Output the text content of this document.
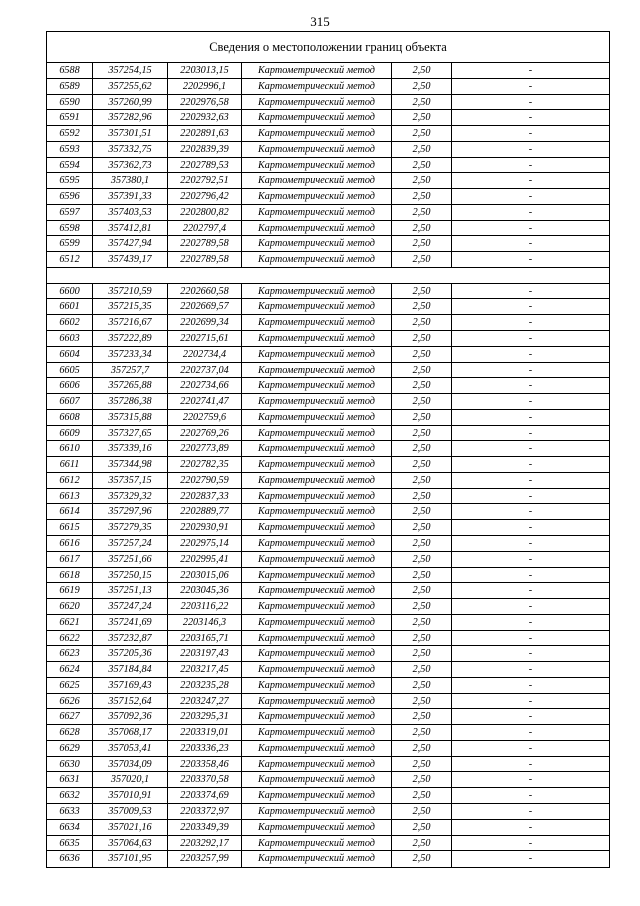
315
Сведения о местоположении границ объекта
6588	357254,15	2203013,15	Картометрический метод	2,50	-
6589	357255,62	2202996,1	Картометрический метод	2,50	-
6590	357260,99	2202976,58	Картометрический метод	2,50	-
6591	357282,96	2202932,63	Картометрический метод	2,50	-
6592	357301,51	2202891,63	Картометрический метод	2,50	-
6593	357332,75	2202839,39	Картометрический метод	2,50	-
6594	357362,73	2202789,53	Картометрический метод	2,50	-
6595	357380,1	2202792,51	Картометрический метод	2,50	-
6596	357391,33	2202796,42	Картометрический метод	2,50	-
6597	357403,53	2202800,82	Картометрический метод	2,50	-
6598	357412,81	2202797,4	Картометрический метод	2,50	-
6599	357427,94	2202789,58	Картометрический метод	2,50	-
6512	357439,17	2202789,58	Картометрический метод	2,50	-
6600	357210,59	2202660,58	Картометрический метод	2,50	-
6601	357215,35	2202669,57	Картометрический метод	2,50	-
6602	357216,67	2202699,34	Картометрический метод	2,50	-
6603	357222,89	2202715,61	Картометрический метод	2,50	-
6604	357233,34	2202734,4	Картометрический метод	2,50	-
6605	357257,7	2202737,04	Картометрический метод	2,50	-
6606	357265,88	2202734,66	Картометрический метод	2,50	-
6607	357286,38	2202741,47	Картометрический метод	2,50	-
6608	357315,88	2202759,6	Картометрический метод	2,50	-
6609	357327,65	2202769,26	Картометрический метод	2,50	-
6610	357339,16	2202773,89	Картометрический метод	2,50	-
6611	357344,98	2202782,35	Картометрический метод	2,50	-
6612	357357,15	2202790,59	Картометрический метод	2,50	-
6613	357329,32	2202837,33	Картометрический метод	2,50	-
6614	357297,96	2202889,77	Картометрический метод	2,50	-
6615	357279,35	2202930,91	Картометрический метод	2,50	-
6616	357257,24	2202975,14	Картометрический метод	2,50	-
6617	357251,66	2202995,41	Картометрический метод	2,50	-
6618	357250,15	2203015,06	Картометрический метод	2,50	-
6619	357251,13	2203045,36	Картометрический метод	2,50	-
6620	357247,24	2203116,22	Картометрический метод	2,50	-
6621	357241,69	2203146,3	Картометрический метод	2,50	-
6622	357232,87	2203165,71	Картометрический метод	2,50	-
6623	357205,36	2203197,43	Картометрический метод	2,50	-
6624	357184,84	2203217,45	Картометрический метод	2,50	-
6625	357169,43	2203235,28	Картометрический метод	2,50	-
6626	357152,64	2203247,27	Картометрический метод	2,50	-
6627	357092,36	2203295,31	Картометрический метод	2,50	-
6628	357068,17	2203319,01	Картометрический метод	2,50	-
6629	357053,41	2203336,23	Картометрический метод	2,50	-
6630	357034,09	2203358,46	Картометрический метод	2,50	-
6631	357020,1	2203370,58	Картометрический метод	2,50	-
6632	357010,91	2203374,69	Картометрический метод	2,50	-
6633	357009,53	2203372,97	Картометрический метод	2,50	-
6634	357021,16	2203349,39	Картометрический метод	2,50	-
6635	357064,63	2203292,17	Картометрический метод	2,50	-
6636	357101,95	2203257,99	Картометрический метод	2,50	-
